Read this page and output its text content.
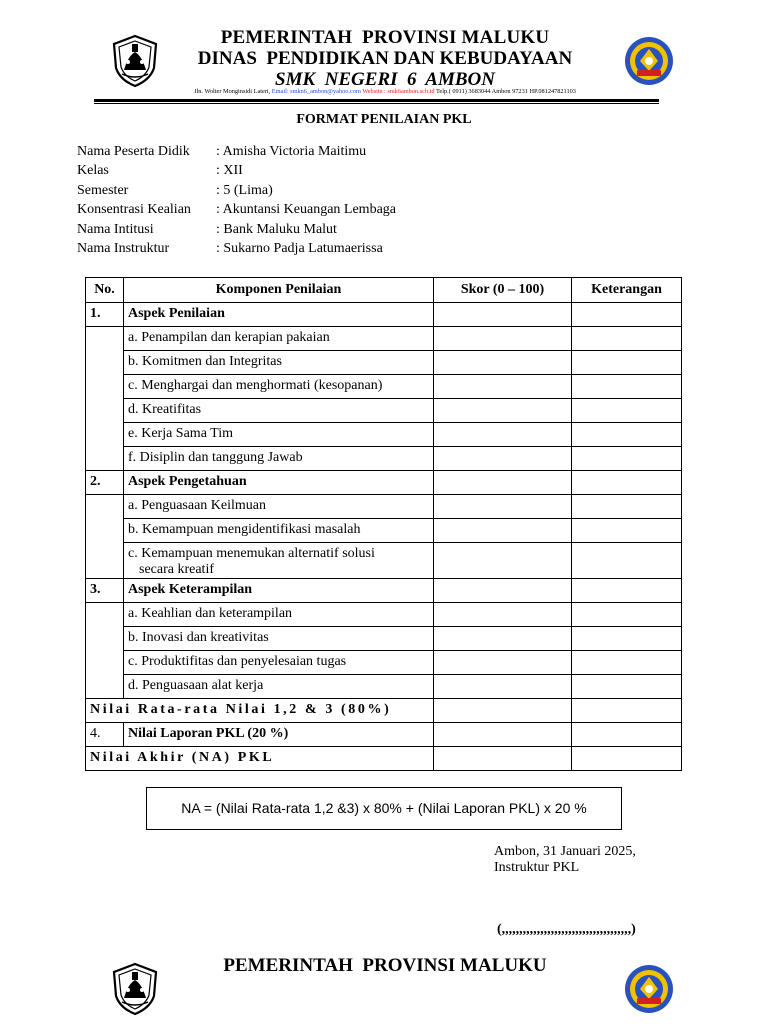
PEMERINTAH  PROVINSI MALUKU
DINAS  PENDIDIKAN DAN KEBUDAYAAN
SMK  NEGERI  6  AMBON
Jln. Wolter Monginsidi Lateri, Email: smkn6_ambon@yahoo.com Website : smk6ambon.sch.id Telp.( 0911) 3683044 Ambon 97231 HP.081247821103
FORMAT PENILAIAN PKL
Nama Peserta Didik : Amisha Victoria Maitimu
Kelas	: XII
Semester	: 5 (Lima)
Konsentrasi Kealian : Akuntansi Keuangan Lembaga
Nama Intitusi	: Bank Maluku Malut
Nama Instruktur	: Sukarno Padja Latumaerissa
No.	Komponen Penilaian	Skor (0 – 100)	Keterangan
1.	Aspek Penilaian		
	a. Penampilan dan kerapian pakaian		
	b. Komitmen dan Integritas		
	c. Menghargai dan menghormati (kesopanan)		
	d. Kreatifitas		
	e. Kerja Sama Tim		
	f. Disiplin dan tanggung Jawab		
2.	Aspek Pengetahuan		
	a. Penguasaan Keilmuan		
	b. Kemampuan mengidentifikasi masalah		

	c. Kemampuan menemukan alternatif solusi
secara kreatif		

3.	Aspek Keterampilan		
	a. Keahlian dan keterampilan		
	b. Inovasi dan kreativitas		
	c. Produktifitas dan penyelesaian tugas		
	d. Penguasaan alat kerja		
Nilai Rata-rata Nilai 1,2 & 3 (80%)			
4.	Nilai Laporan PKL (20 %)		
Nilai Akhir (NA) PKL			
NA = (Nilai Rata-rata 1,2 &3) x 80% + (Nilai Laporan PKL) x 20 %
Ambon, 31 Januari 2025,
Instruktur PKL
(,,,,,,,,,,,,,,,,,,,,,,,,,,,,,,,,,,,,,)
PEMERINTAH  PROVINSI MALUKU
